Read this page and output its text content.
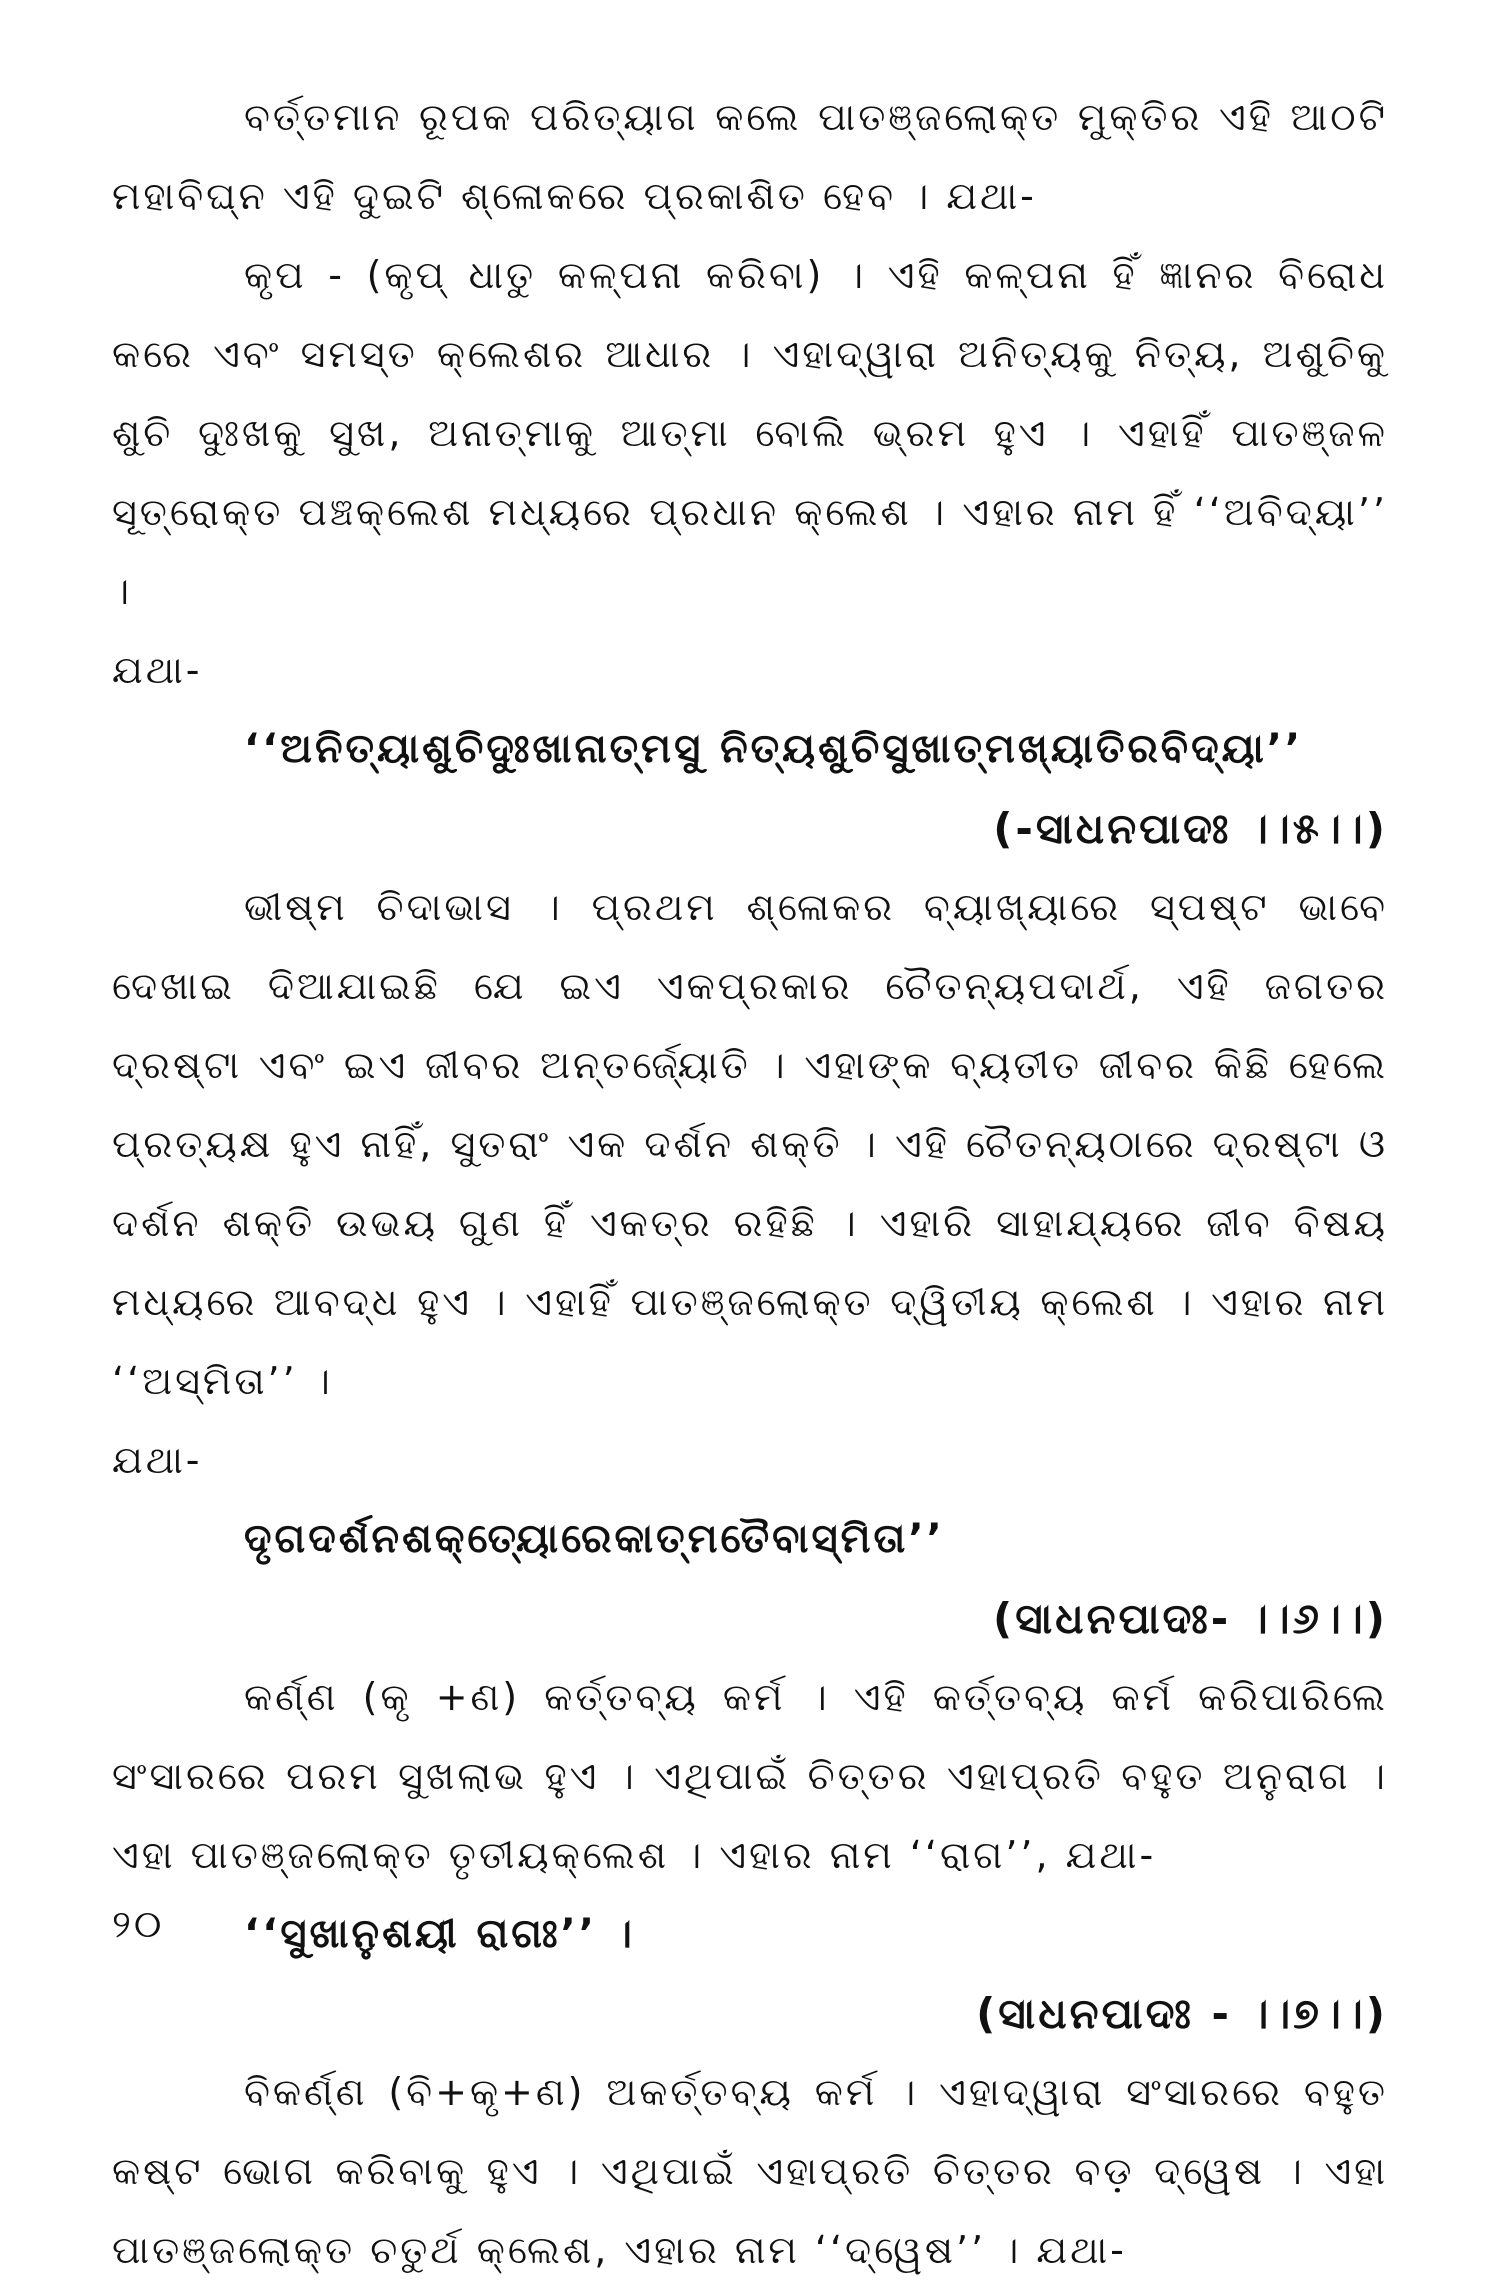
ବର୍ତ୍ତମାନ ରୂପକ ପରିତ୍ୟାଗ କଲେ ପାତଞ୍ଜଲୋକ୍ତ ମୁକ୍ତିର ଏହି ଆଠଟି ମହାବିଘ୍ନ ଏହି ଦୁଇଟି ଶ୍ଳୋକରେ ପ୍ରକାଶିତ ହେବ । ଯଥା-

କୃପ - (କୃପ୍ ଧାତୁ କଳ୍ପନା କରିବା) । ଏହି କଳ୍ପନା ହିଁ ଜ୍ଞାନର ବିରୋଧ କରେ ଏବଂ ସମସ୍ତ କ୍ଲେଶର ଆଧାର । ଏହାଦ୍ୱାରା ଅନିତ୍ୟକୁ ନିତ୍ୟ, ଅଶୁଚିକୁ ଶୁଚି ଦୁଃଖକୁ ସୁଖ, ଅନାତ୍ମାକୁ ଆତ୍ମା ବୋଲି ଭ୍ରମ ହୁଏ । ଏହାହିଁ ପାତଞ୍ଜଳ ସୂତ୍ରୋକ୍ତ ପଞ୍ଚକ୍ଲେଶ ମଧ୍ୟରେ ପ୍ରଧାନ କ୍ଲେଶ । ଏହାର ନାମ ହିଁ ‘‘ଅବିଦ୍ୟା’’ ।

ଯଥା-

‘‘ଅନିତ୍ୟାଶୁଚିଦୁଃଖାନାତ୍ମସୁ ନିତ୍ୟଶୁଚିସୁଖାତ୍ମଖ୍ୟାତିରବିଦ୍ୟା’’

(-ସାଧନପାଦଃ ।।୫।।)

ଭୀଷ୍ମ ଚିଦାଭାସ । ପ୍ରଥମ ଶ୍ଳୋକର ବ୍ୟାଖ୍ୟାରେ ସ୍ପଷ୍ଟ ଭାବେ ଦେଖାଇ ଦିଆଯାଇଛି ଯେ ଇଏ ଏକପ୍ରକାର ଚୈତନ୍ୟପଦାର୍ଥ, ଏହି ଜଗତର ଦ୍ରଷ୍ଟା ଏବଂ ଇଏ ଜୀବର ଅନ୍ତର୍ଜ୍ୟୋତି । ଏହାଙ୍କ ବ୍ୟତୀତ ଜୀବର କିଛି ହେଲେ ପ୍ରତ୍ୟକ୍ଷ ହୁଏ ନାହିଁ, ସୁତରାଂ ଏକ ଦର୍ଶନ ଶକ୍ତି । ଏହି ଚୈତନ୍ୟଠାରେ ଦ୍ରଷ୍ଟା ଓ ଦର୍ଶନ ଶକ୍ତି ଉଭୟ ଗୁଣ ହିଁ ଏକତ୍ର ରହିଛି । ଏହାରି ସାହାଯ୍ୟରେ ଜୀବ ବିଷୟ ମଧ୍ୟରେ ଆବଦ୍ଧ ହୁଏ । ଏହାହିଁ ପାତଞ୍ଜଲୋକ୍ତ ଦ୍ୱିତୀୟ କ୍ଲେଶ । ଏହାର ନାମ ‘‘ଅସ୍ମିତା’’ ।

ଯଥା-

ଦୃଗଦର୍ଶନଶକ୍ତ୍ୟୋରେକାତ୍ମତୈବାସ୍ମିତା’’

(ସାଧନପାଦଃ- ।।୬।।)

କର୍ଣ୍ଣ (କୃ +ଣ) କର୍ତ୍ତବ୍ୟ କର୍ମ । ଏହି କର୍ତ୍ତବ୍ୟ କର୍ମ କରିପାରିଲେ ସଂସାରରେ ପରମ ସୁଖଲାଭ ହୁଏ । ଏଥିପାଇଁ ଚିତ୍ତର ଏହାପ୍ରତି ବହୁତ ଅନୁରାଗ । ଏହା ପାତଞ୍ଜଲୋକ୍ତ ତୃତୀୟକ୍ଲେଶ । ଏହାର ନାମ ‘‘ରାଗ’’, ଯଥା-

‘‘ସୁଖାନୁଶୟୀ ରାଗଃ’’ ।

(ସାଧନପାଦଃ - ।।୭।।)

ବିକର୍ଣ୍ଣ (ବି+କୃ+ଣ) ଅକର୍ତ୍ତବ୍ୟ କର୍ମ । ଏହାଦ୍ୱାରା ସଂସାରରେ ବହୁତ କଷ୍ଟ ଭୋଗ କରିବାକୁ ହୁଏ । ଏଥିପାଇଁ ଏହାପ୍ରତି ଚିତ୍ତର ବଡ଼ ଦ୍ୱେଷ । ଏହା ପାତଞ୍ଜଲୋକ୍ତ ଚତୁର୍ଥ କ୍ଲେଶ, ଏହାର ନାମ ‘‘ଦ୍ୱେଷ’’ । ଯଥା-

୨୦
